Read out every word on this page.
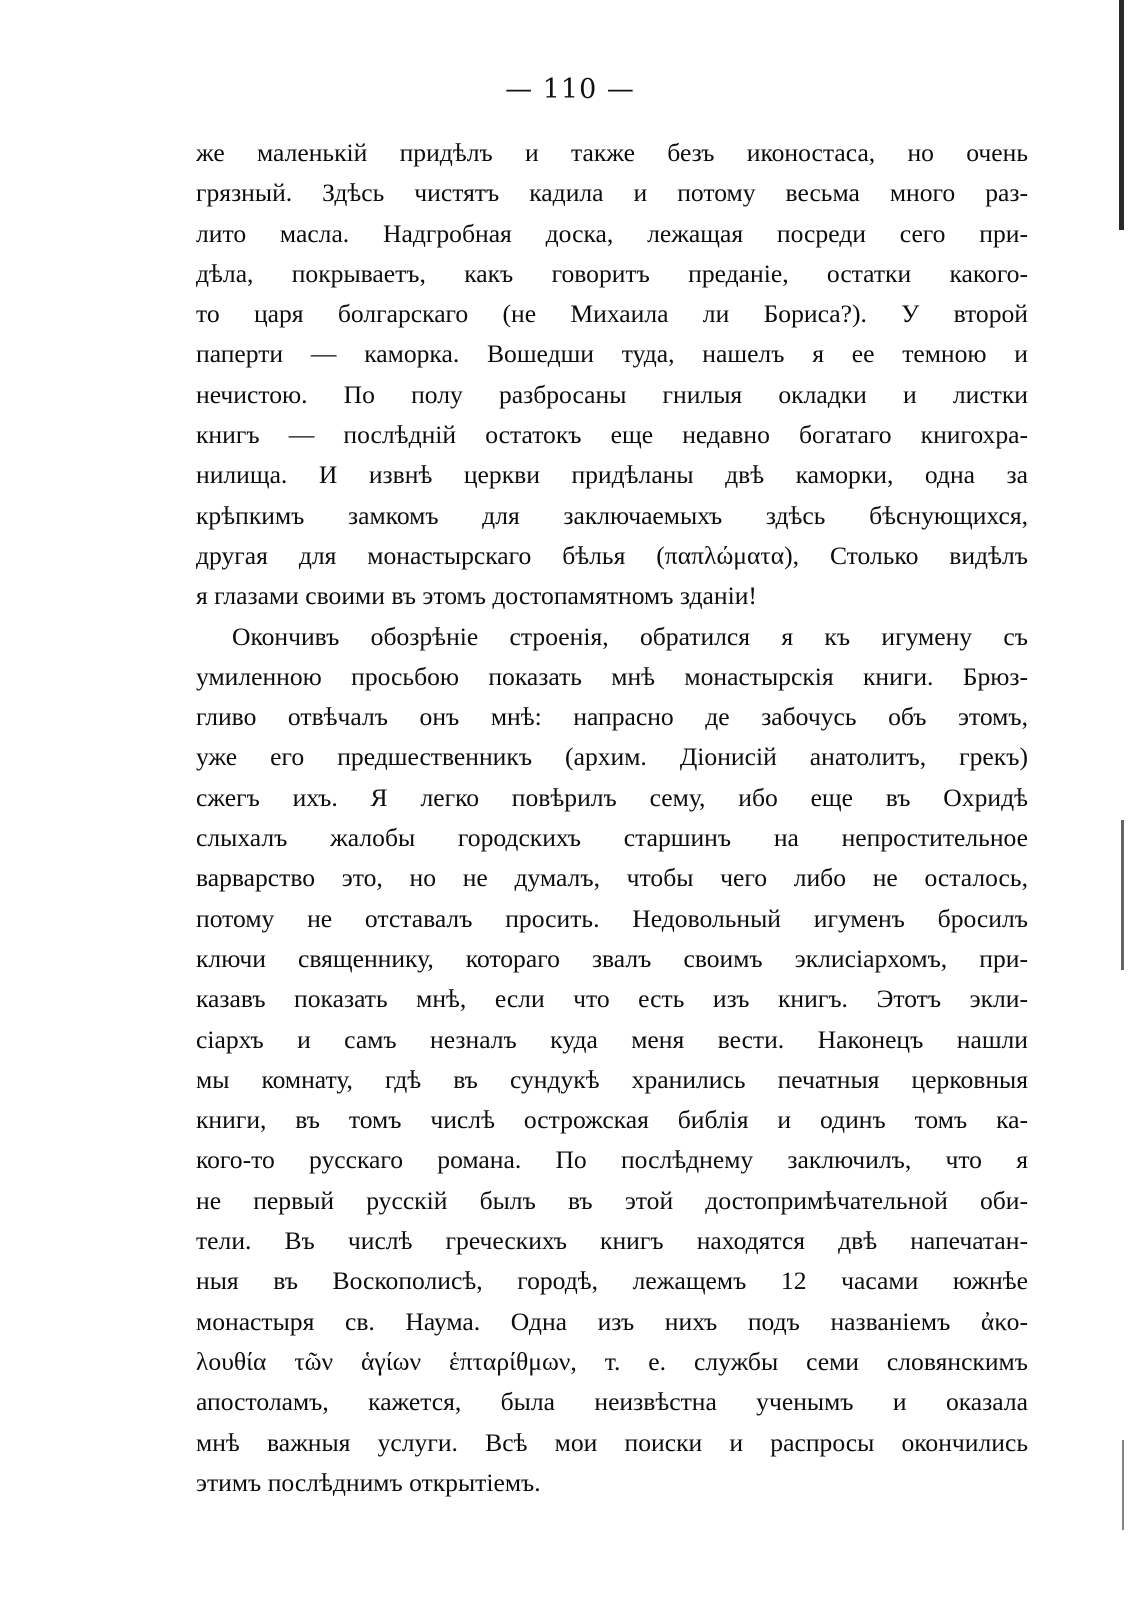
— 110 —
же маленькій придѣлъ и также безъ иконостаса, но очень
грязный. Здѣсь чистятъ кадила и потому весьма много раз-
лито масла. Надгробная доска, лежащая посреди сего при-
дѣла, покрываетъ, какъ говоритъ преданіе, остатки какого-
то царя болгарскаго (не Михаила ли Бориса?). У второй
паперти — каморка. Вошедши туда, нашелъ я ее темною и
нечистою. По полу разбросаны гнилыя окладки и листки
книгъ — послѣдній остатокъ еще недавно богатаго книгохра-
нилища. И извнѣ церкви придѣланы двѣ каморки, одна за
крѣпкимъ замкомъ для заключаемыхъ здѣсь бѣснующихся,
другая для монастырскаго бѣлья (παπλώματα), Столько видѣлъ
я глазами своими въ этомъ достопамятномъ зданіи!
Окончивъ обозрѣніе строенія, обратился я къ игумену съ
умиленною просьбою показать мнѣ монастырскія книги. Брюз-
гливо отвѣчалъ онъ мнѣ: напрасно де забочусь объ этомъ,
уже его предшественникъ (архим. Діонисій анатолитъ, грекъ)
сжегъ ихъ. Я легко повѣрилъ сему, ибо еще въ Охридѣ
слыхалъ жалобы городскихъ старшинъ на непростительное
варварство это, но не думалъ, чтобы чего либо не осталось,
потому не отставалъ просить. Недовольный игуменъ бросилъ
ключи священнику, котораго звалъ своимъ эклисіархомъ, при-
казавъ показать мнѣ, если что есть изъ книгъ. Этотъ экли-
сіархъ и самъ незналъ куда меня вести. Наконецъ нашли
мы комнату, гдѣ въ сундукѣ хранились печатныя церковныя
книги, въ томъ числѣ острожская библія и одинъ томъ ка-
кого-то русскаго романа. По послѣднему заключилъ, что я
не первый русскій былъ въ этой достопримѣчательной оби-
тели. Въ числѣ греческихъ книгъ находятся двѣ напечатан-
ныя въ Воскополисѣ, городѣ, лежащемъ 12 часами южнѣе
монастыря св. Наума. Одна изъ нихъ подъ названіемъ ἀκο-
λουθία τῶν ἁγίων ἑπταρίθμων, т. е. службы семи словянскимъ
апостоламъ, кажется, была неизвѣстна ученымъ и оказала
мнѣ важныя услуги. Всѣ мои поиски и распросы окончились
этимъ послѣднимъ открытіемъ.
